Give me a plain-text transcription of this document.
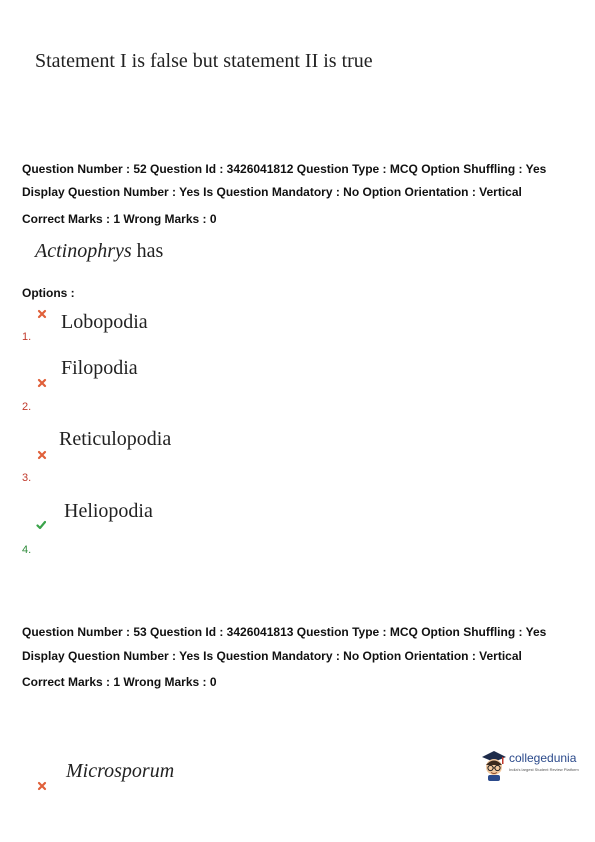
Statement I is false but statement II is true
Question Number : 52 Question Id : 3426041812 Question Type : MCQ Option Shuffling : Yes
Display Question Number : Yes Is Question Mandatory : No Option Orientation : Vertical
Correct Marks : 1 Wrong Marks : 0
Actinophrys has
Options :
Lobopodia
1.
Filopodia
2.
Reticulopodia
3.
Heliopodia
4.
Question Number : 53 Question Id : 3426041813 Question Type : MCQ Option Shuffling : Yes
Display Question Number : Yes Is Question Mandatory : No Option Orientation : Vertical
Correct Marks : 1 Wrong Marks : 0
Microsporum
collegedunia
India's largest Student Review Platform
